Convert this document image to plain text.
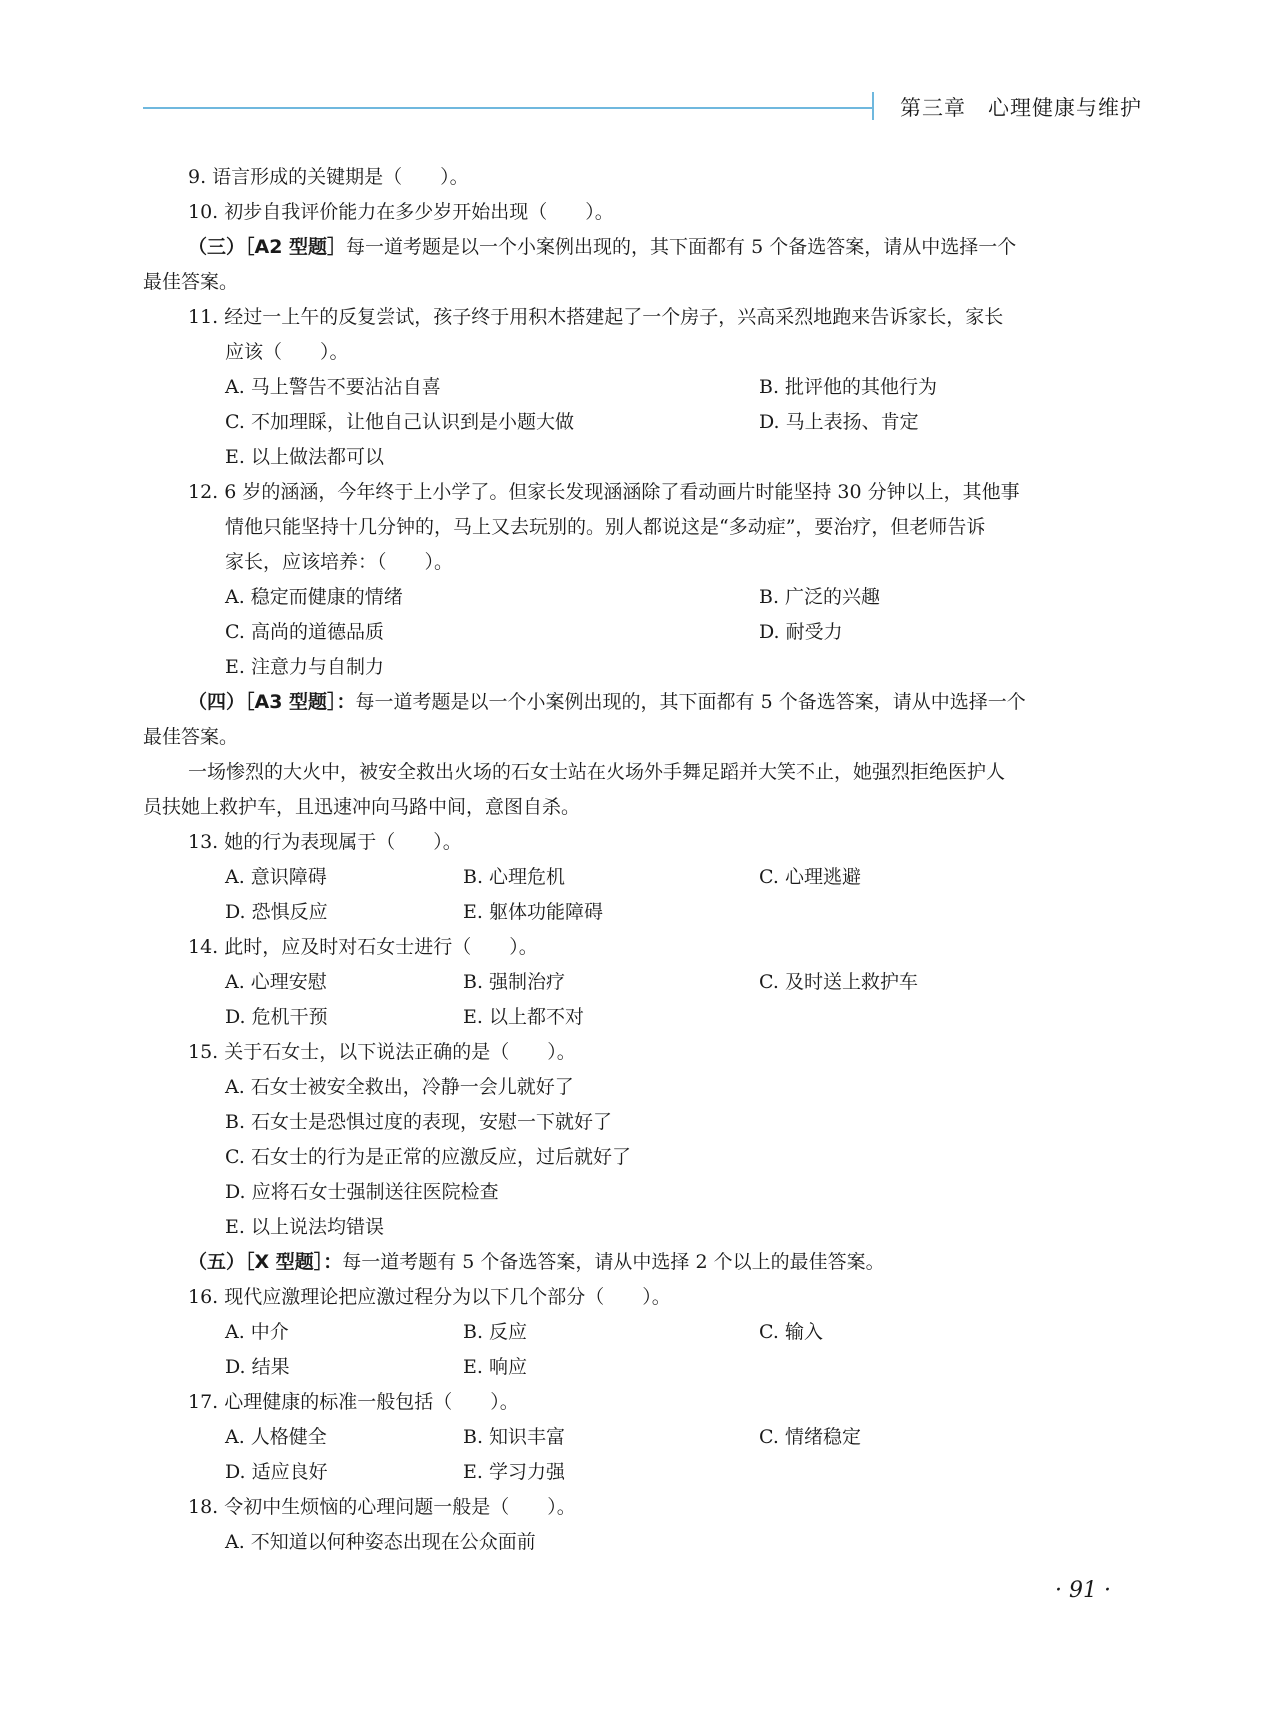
第三章　心理健康与维护
9. 语言形成的关键期是（　　）。
10. 初步自我评价能力在多少岁开始出现（　　）。
（三）［A2 型题］每一道考题是以一个小案例出现的，其下面都有 5 个备选答案，请从中选择一个
最佳答案。
11. 经过一上午的反复尝试，孩子终于用积木搭建起了一个房子，兴高采烈地跑来告诉家长，家长
应该（　　）。
A. 马上警告不要沾沾自喜	B. 批评他的其他行为
C. 不加理睬，让他自己认识到是小题大做	D. 马上表扬、肯定
E. 以上做法都可以
12. 6 岁的涵涵，今年终于上小学了。但家长发现涵涵除了看动画片时能坚持 30 分钟以上，其他事
情他只能坚持十几分钟的，马上又去玩别的。别人都说这是“多动症”，要治疗，但老师告诉
家长，应该培养：（　　）。
A. 稳定而健康的情绪	B. 广泛的兴趣
C. 高尚的道德品质	D. 耐受力
E. 注意力与自制力
（四）［A3 型题］：每一道考题是以一个小案例出现的，其下面都有 5 个备选答案，请从中选择一个
最佳答案。
一场惨烈的大火中，被安全救出火场的石女士站在火场外手舞足蹈并大笑不止，她强烈拒绝医护人
员扶她上救护车，且迅速冲向马路中间，意图自杀。
13. 她的行为表现属于（　　）。
A. 意识障碍	B. 心理危机	C. 心理逃避
D. 恐惧反应	E. 躯体功能障碍
14. 此时，应及时对石女士进行（　　）。
A. 心理安慰	B. 强制治疗	C. 及时送上救护车
D. 危机干预	E. 以上都不对
15. 关于石女士，以下说法正确的是（　　）。
A. 石女士被安全救出，冷静一会儿就好了
B. 石女士是恐惧过度的表现，安慰一下就好了
C. 石女士的行为是正常的应激反应，过后就好了
D. 应将石女士强制送往医院检查
E. 以上说法均错误
（五）［X 型题］：每一道考题有 5 个备选答案，请从中选择 2 个以上的最佳答案。
16. 现代应激理论把应激过程分为以下几个部分（　　）。
A. 中介	B. 反应	C. 输入
D. 结果	E. 响应
17. 心理健康的标准一般包括（　　）。
A. 人格健全	B. 知识丰富	C. 情绪稳定
D. 适应良好	E. 学习力强
18. 令初中生烦恼的心理问题一般是（　　）。
A. 不知道以何种姿态出现在公众面前
· 91 ·
